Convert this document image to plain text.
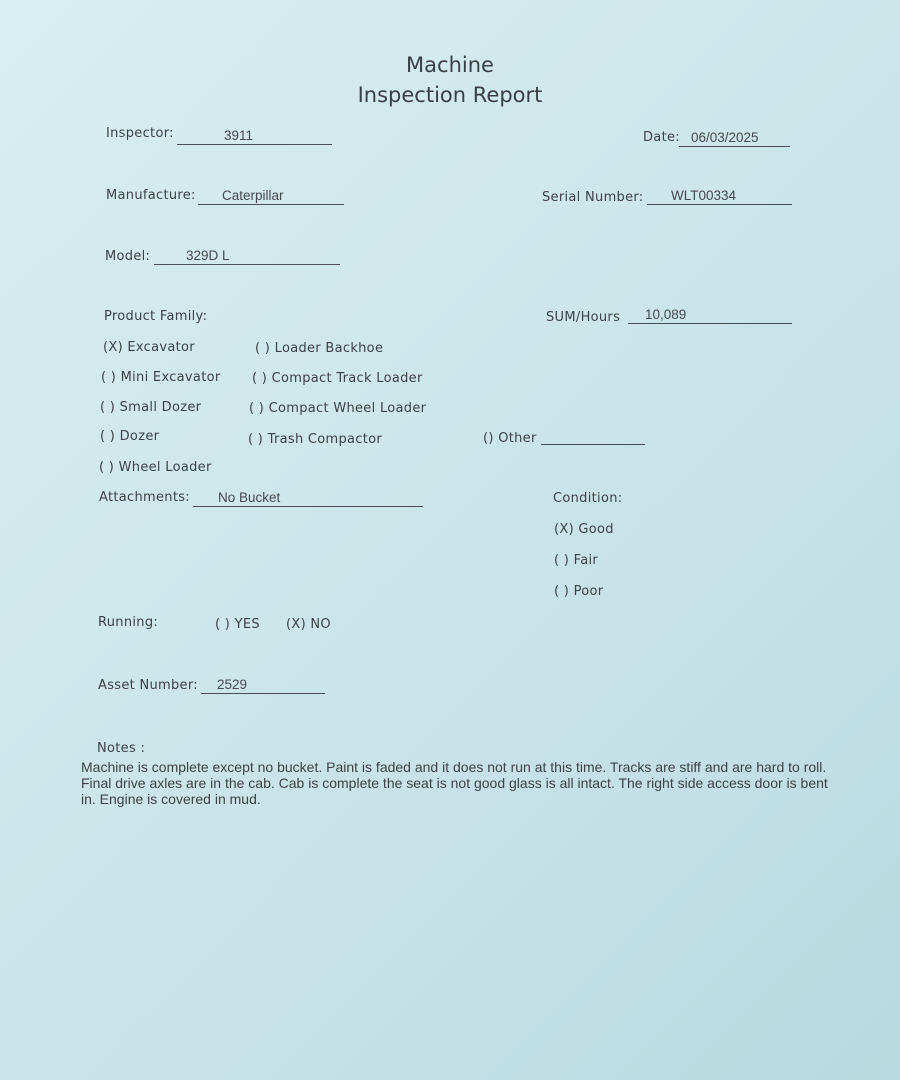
Machine
Inspection Report
Inspector:	3911	Date: 06/03/2025
Manufacture: Caterpillar	Serial Number: WLT00334
Model:	329D L
Product Family:	SUM/Hours 10,089
(X) Excavator
( ) Mini Excavator
( ) Small Dozer
( ) Dozer
( ) Wheel Loader
( ) Loader Backhoe
( ) Compact Track Loader
( ) Compact Wheel Loader
( ) Trash Compactor	() Other
Attachments: No Bucket	Condition:
(X) Good
( ) Fair
( ) Poor
Running:	( ) YES (X) NO
Asset Number: 2529
Notes :
Machine is complete except no bucket. Paint is faded and it does not run at this time. Tracks are stiff and are hard to roll. Final drive axles are in the cab. Cab is complete the seat is not good glass is all intact. The right side access door is bent in. Engine is covered in mud.
